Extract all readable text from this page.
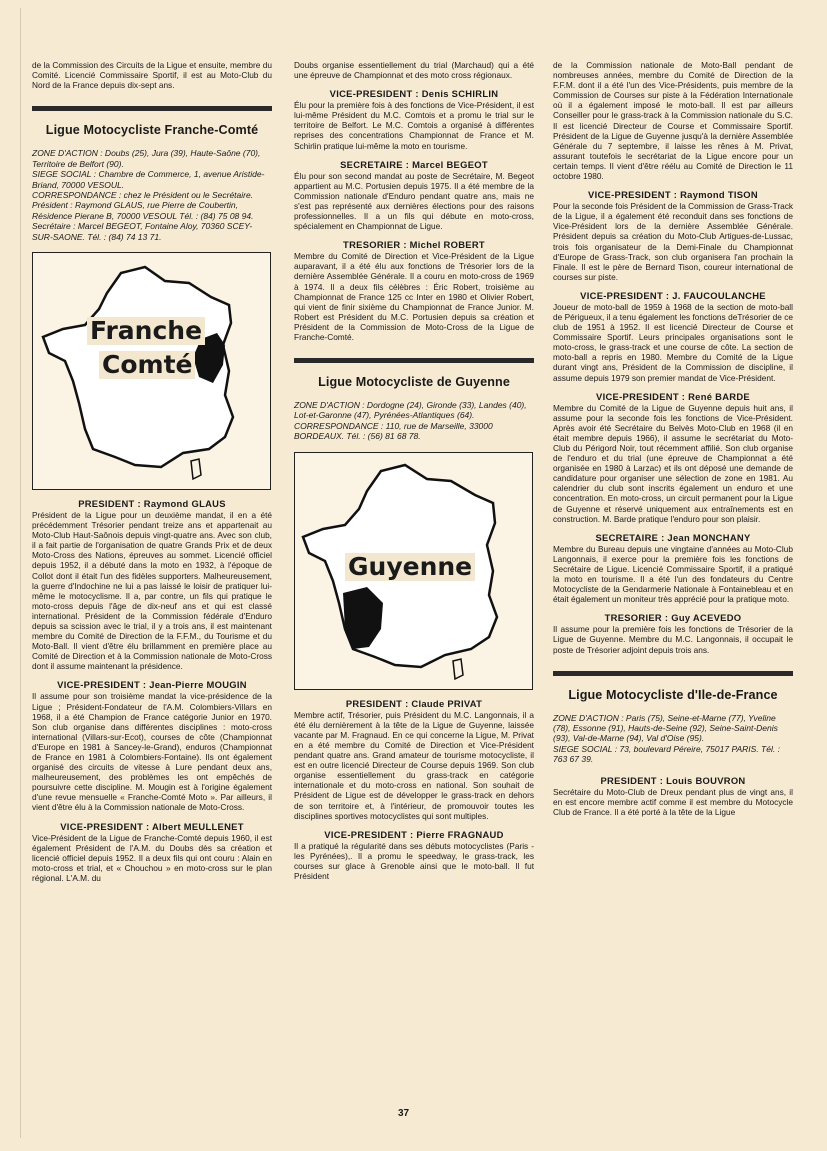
de la Commission des Circuits de la Ligue et ensuite, membre du Comité. Licencié Commissaire Sportif, il est au Moto-Club du Nord de la France depuis dix-sept ans.

Ligue Motocycliste Franche-Comté
ZONE D'ACTION : Doubs (25), Jura (39), Haute-Saône (70), Territoire de Belfort (90).
SIEGE SOCIAL : Chambre de Commerce, 1, avenue Aristide-Briand, 70000 VESOUL.
CORRESPONDANCE : chez le Président ou le Secrétaire.
Président : Raymond GLAUS, rue Pierre de Coubertin, Résidence Pierane B, 70000 VESOUL Tél. : (84) 75 08 94.
Secrétaire : Marcel BEGEOT, Fontaine Aloy, 70360 SCEY-SUR-SAONE. Tél. : (84) 74 13 71.
Franche
Comté
PRESIDENT : Raymond GLAUS

Président de la Ligue pour un deuxième mandat, il en a été précédemment Trésorier pendant treize ans et appartenait au Moto-Club Haut-Saônois depuis vingt-quatre ans. Avec son club, il a fait partie de l'organisation de quatre Grands Prix et de deux Moto-Cross des Nations, épreuves au sommet. Licencié officiel depuis 1952, il a débuté dans la moto en 1932, à l'époque de Collot dont il était l'un des fidèles supporters. Malheureusement, la guerre d'Indochine ne lui a pas laissé le loisir de pratiquer lui-même le motocyclisme. Il a, par contre, un fils qui pratique le moto-cross depuis l'âge de dix-neuf ans et qui est classé international. Président de la Commission fédérale d'Enduro depuis sa scission avec le trial, il y a trois ans, il est maintenant membre du Comité de Direction de la F.F.M., du Tourisme et du Moto-Ball. Il vient d'être élu brillamment en première place au Comité de Direction et à la Commission nationale de Moto-Cross dont il assume maintenant la présidence.

VICE-PRESIDENT : Jean-Pierre MOUGIN

Il assume pour son troisième mandat la vice-présidence de la Ligue ; Président-Fondateur de l'A.M. Colombiers-Villars en 1968, il a été Champion de France catégorie Junior en 1970. Son club organise dans différentes disciplines : moto-cross international (Villars-sur-Ecot), courses de côte (Championnat d'Europe en 1981 à Sancey-le-Grand), enduros (Championnat de France en 1981 à Colombiers-Fontaine). Ils ont également organisé des circuits de vitesse à Lure pendant deux ans, malheureusement, des problèmes les ont empêchés de poursuivre cette discipline. M. Mougin est à l'origine également d'une revue mensuelle « Franche-Comté Moto ». Par ailleurs, il vient d'être élu à la Commission nationale de Moto-Cross.

VICE-PRESIDENT : Albert MEULLENET

Vice-Président de la Ligue de Franche-Comté depuis 1960, il est également Président de l'A.M. du Doubs dès sa création et licencié officiel depuis 1952. Il a deux fils qui ont couru : Alain en moto-cross et trial, et « Chouchou » en moto-cross sur le plan régional. L'A.M. du

Doubs organise essentiellement du trial (Marchaud) qui a été une épreuve de Championnat et des moto cross régionaux.

VICE-PRESIDENT : Denis SCHIRLIN

Élu pour la première fois à des fonctions de Vice-Président, il est lui-même Président du M.C. Comtois et a promu le trial sur le territoire de Belfort. Le M.C. Comtois a organisé à différentes reprises des concentrations Championnat de France et M. Schirlin pratique lui-même la moto en tourisme.

SECRETAIRE : Marcel BEGEOT

Élu pour son second mandat au poste de Secrétaire, M. Begeot appartient au M.C. Portusien depuis 1975. Il a été membre de la Commission nationale d'Enduro pendant quatre ans, mais ne s'est pas représenté aux dernières élections pour des raisons professionnelles. Il a un fils qui débute en moto-cross, spécialement en Championnat de Ligue.

TRESORIER : Michel ROBERT

Membre du Comité de Direction et Vice-Président de la Ligue auparavant, il a été élu aux fonctions de Trésorier lors de la dernière Assemblée Générale. Il a couru en moto-cross de 1969 à 1974. Il a deux fils célèbres : Éric Robert, troisième au Championnat de France 125 cc Inter en 1980 et Olivier Robert, qui vient de finir sixième du Championnat de France Junior. M. Robert est Président du M.C. Portusien depuis sa création et Président de la Commission de Moto-Cross de la Ligue de Franche-Comté.

Ligue Motocycliste de Guyenne
ZONE D'ACTION : Dordogne (24), Gironde (33), Landes (40), Lot-et-Garonne (47), Pyrénées-Atlantiques (64).
CORRESPONDANCE : 110, rue de Marseille, 33000 BORDEAUX. Tél. : (56) 81 68 78.
Guyenne
PRESIDENT : Claude PRIVAT

Membre actif, Trésorier, puis Président du M.C. Langonnais, il a été élu dernièrement à la tête de la Ligue de Guyenne, laissée vacante par M. Fragnaud. En ce qui concerne la Ligue, M. Privat en a été membre du Comité de Direction et Vice-Président pendant quatre ans. Grand amateur de tourisme motocycliste, il est en outre licencié Directeur de Course depuis 1969. Son club organise essentiellement du grass-track en catégorie internationale et du moto-cross en national. Son souhait de Président de Ligue est de développer le grass-track en dehors de son territoire et, à l'intérieur, de promouvoir toutes les disciplines sportives motocyclistes qui sont multiples.

VICE-PRESIDENT : Pierre FRAGNAUD

Il a pratiqué la régularité dans ses débuts motocyclistes (Paris - les Pyrénées),. Il a promu le speedway, le grass-track, les courses sur glace à Grenoble ainsi que le moto-ball. Il fut Président

de la Commission nationale de Moto-Ball pendant de nombreuses années, membre du Comité de Direction de la F.F.M. dont il a été l'un des Vice-Présidents, puis membre de la Commission de Courses sur piste à la Fédération Internationale où il a également imposé le moto-ball. Il est par ailleurs Conseiller pour le grass-track à la Commission nationale du S.C. Il est licencié Directeur de Course et Commissaire Sportif. Président de la Ligue de Guyenne jusqu'à la dernière Assemblée Générale du 7 septembre, il laisse les rênes à M. Privat, assurant toutefois le secrétariat de la Ligue encore pour un certain temps. Il vient d'être réélu au Comité de Direction le 11 octobre 1980.

VICE-PRESIDENT : Raymond TISON

Pour la seconde fois Président de la Commission de Grass-Track de la Ligue, il a également été reconduit dans ses fonctions de Vice-Président lors de la dernière Assemblée Générale. Président depuis sa création du Moto-Club Artigues-de-Lussac, trois fois organisateur de la Demi-Finale du Championnat d'Europe de Grass-Track, son club organisera l'an prochain la Finale. Il est le père de Bernard Tison, coureur international de courses sur piste.

VICE-PRESIDENT : J. FAUCOULANCHE

Joueur de moto-ball de 1959 à 1968 de la section de moto-ball de Périgueux, il a tenu également les fonctions deTrésorier de ce club de 1951 à 1952. Il est licencié Directeur de Course et Commissaire Sportif. Leurs principales organisations sont le moto-cross, le grass-track et une course de côte. La section de moto-ball a repris en 1980. Membre du Comité de la Ligue durant vingt ans, Président de la Commission de discipline, il assume depuis 1979 son premier mandat de Vice-Président.

VICE-PRESIDENT : René BARDE

Membre du Comité de la Ligue de Guyenne depuis huit ans, il assume pour la seconde fois les fonctions de Vice-Président. Après avoir été Secrétaire du Belvès Moto-Club en 1968 (il en était membre depuis 1966), il assume le secrétariat du Moto-Club du Périgord Noir, tout récemment affilié. Son club organise de l'enduro et du trial (une épreuve de Championnat a été organisée en 1980 à Larzac) et ils ont déposé une demande de candidature pour organiser une sélection de zone en 1981. Au calendrier du club sont inscrits également un enduro et une concentration. En moto-cross, un circuit permanent pour la Ligue de Guyenne et réservé uniquement aux entraînements est en construction. M. Barde pratique l'enduro pour son plaisir.

SECRETAIRE : Jean MONCHANY

Membre du Bureau depuis une vingtaine d'années au Moto-Club Langonnais, il exerce pour la première fois les fonctions de Secrétaire de Ligue. Licencié Commissaire Sportif, il a pratiqué la moto en tourisme. Il a été l'un des fondateurs du Centre Motocycliste de la Gendarmerie Nationale à Fontainebleau et en était également un moniteur très apprécié pour la pratique moto.

TRESORIER : Guy ACEVEDO

Il assume pour la première fois les fonctions de Trésorier de la Ligue de Guyenne. Membre du M.C. Langonnais, il occupait le poste de Trésorier adjoint depuis trois ans.

Ligue Motocycliste d'Ile-de-France
ZONE D'ACTION : Paris (75), Seine-et-Marne (77), Yveline (78), Essonne (91), Hauts-de-Seine (92), Seine-Saint-Denis (93), Val-de-Marne (94), Val d'Oise (95).
SIEGE SOCIAL : 73, boulevard Péreire, 75017 PARIS. Tél. : 763 67 39.
PRESIDENT : Louis BOUVRON

Secrétaire du Moto-Club de Dreux pendant plus de vingt ans, il en est encore membre actif comme il est membre du Motocycle Club de France. Il a été porté à la tête de la Ligue

37
